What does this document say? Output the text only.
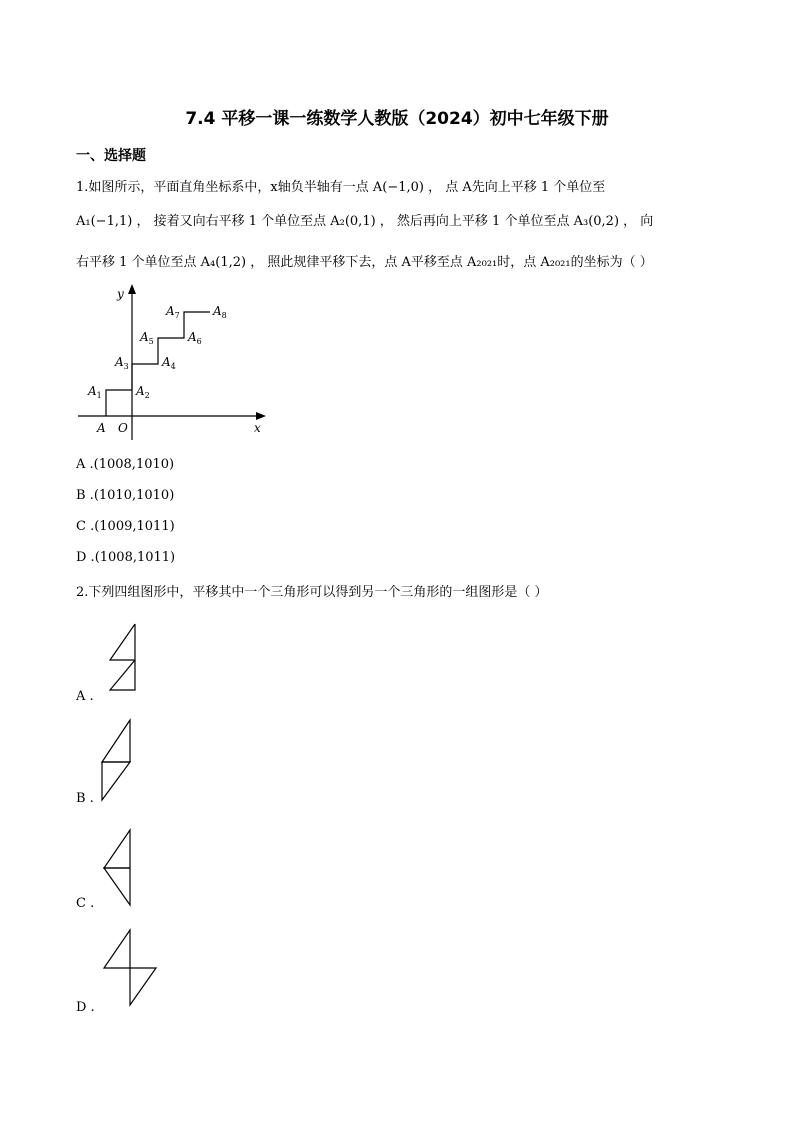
7.4 平移一课一练数学人教版（2024）初中七年级下册
一、选择题
1.如图所示，平面直角坐标系中，x轴负半轴有一点 A(−1,0) ， 点 A先向上平移 1 个单位至
A₁(−1,1) ， 接着又向右平移 1 个单位至点 A₂(0,1) ， 然后再向上平移 1 个单位至点 A₃(0,2) ， 向
右平移 1 个单位至点 A₄(1,2) ， 照此规律平移下去，点 A平移至点 A₂₀₂₁时，点 A₂₀₂₁的坐标为（ ）
y
x
O
A
$A_1$	$A_2$
$A_3$	$A_4$
$A_5$	$A_6$
$A_7$	$A_8$
A .(1008,1010)
B .(1010,1010)
C .(1009,1011)
D .(1008,1011)
2.下列四组图形中，平移其中一个三角形可以得到另一个三角形的一组图形是（ ）
A .
B .
C .
D .
